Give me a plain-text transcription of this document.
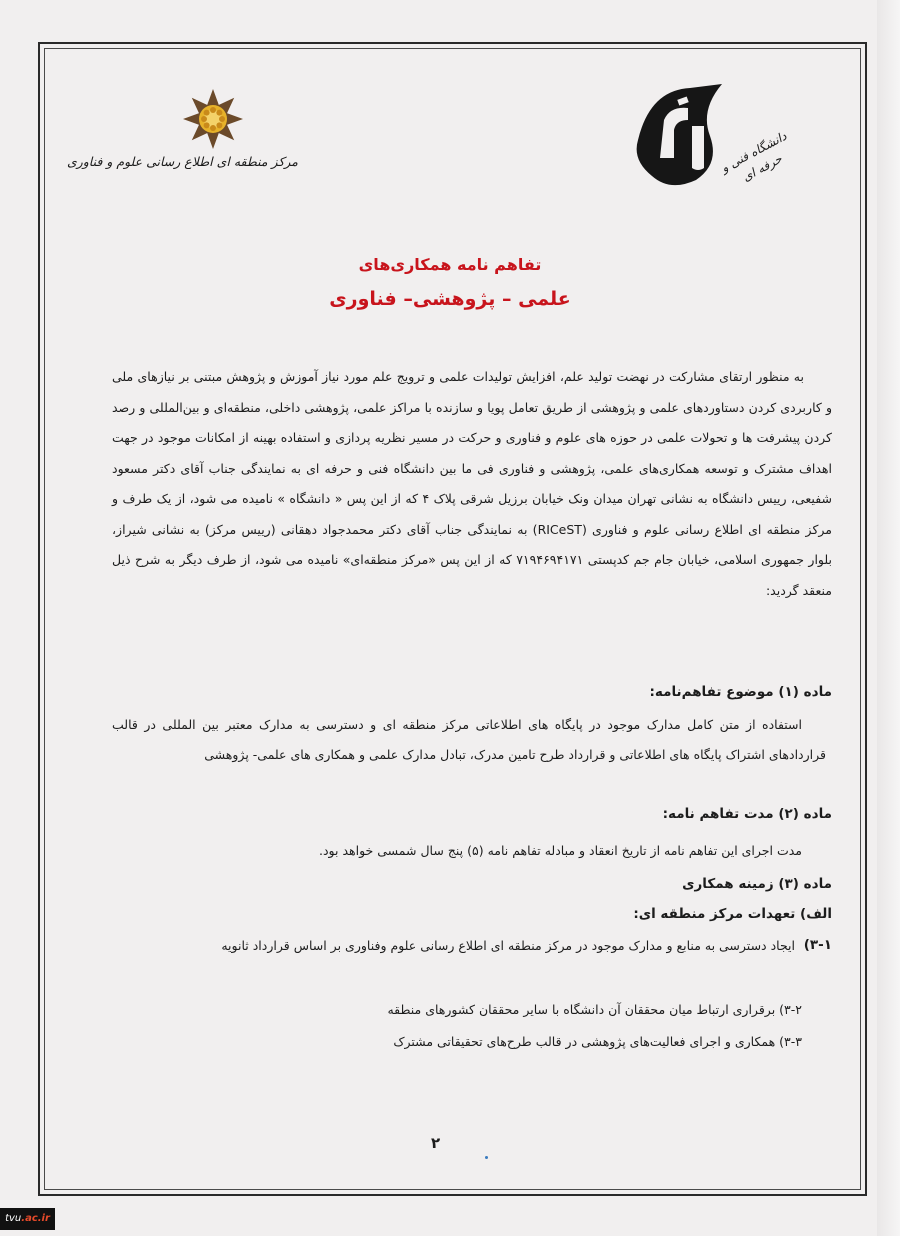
مرکز منطقه ای اطلاع رسانی علوم و فناوری	دانشگاه فنی و حرفه ای
تفاهم نامه همکاری‌های
علمی – پژوهشی– فناوری

به منظور ارتقای مشارکت در نهضت تولید علم، افزایش تولیدات علمی و ترویج علم مورد نیاز آموزش و پژوهش مبتنی بر نیازهای ملی و کاربردی کردن دستاوردهای علمی و پژوهشی از طریق تعامل پویا و سازنده با مراکز علمی، پژوهشی داخلی، منطقه‌ای و بین‌المللی و رصد کردن پیشرفت ها و تحولات علمی در حوزه های علوم و فناوری و حرکت در مسیر نظریه پردازی و استفاده بهینه از امکانات موجود در جهت اهداف مشترک و توسعه همکاری‌های علمی، پژوهشی و فناوری فی ما بین دانشگاه فنی و حرفه ای به نمایندگی جناب آقای دکتر مسعود شفیعی، رییس دانشگاه به نشانی تهران میدان ونک خیابان برزیل شرقی پلاک ۴ که از این پس « دانشگاه » نامیده می شود، از یک طرف و مرکز منطقه ای اطلاع رسانی علوم و فناوری (RICeST) به نمایندگی جناب آقای دکتر محمدجواد دهقانی (رییس مرکز) به نشانی شیراز، بلوار جمهوری اسلامی، خیابان جام جم کدپستی ۷۱۹۴۶۹۴۱۷۱ که از این پس «مرکز منطقه‌ای» نامیده می شود، از طرف دیگر به شرح ذیل منعقد گردید:

ماده (۱) موضوع تفاهم‌نامه:

استفاده از متن کامل مدارک موجود در پایگاه های اطلاعاتی مرکز منطقه ای و دسترسی به مدارک معتبر بین المللی در قالب قراردادهای اشتراک پایگاه های اطلاعاتی و قرارداد طرح تامین مدرک، تبادل مدارک علمی و همکاری های علمی- پژوهشی

ماده (۲) مدت تفاهم نامه:
مدت اجرای این تفاهم نامه از تاریخ انعقاد و مبادله تفاهم نامه (۵) پنج سال شمسی خواهد بود.
ماده (۳) زمینه همکاری
الف) تعهدات مرکز منطقه ای:
۳-۱)

ایجاد دسترسی به منابع و مدارک موجود در مرکز منطقه ای اطلاع رسانی علوم وفناوری بر اساس قرارداد ثانویه

۳-۲) برقراری ارتباط میان محققان آن دانشگاه با سایر محققان کشورهای منطقه
۳-۳) همکاری و اجرای فعالیت‌های پژوهشی در قالب طرح‌های تحقیقاتی مشترک
۲
tvu.ac.ir
